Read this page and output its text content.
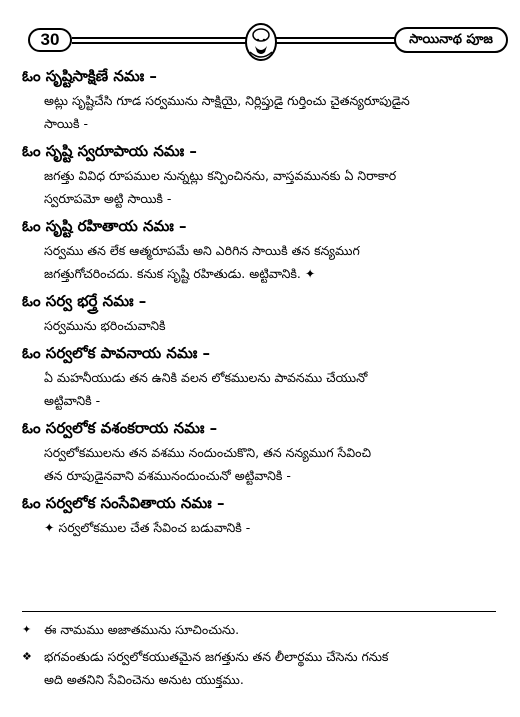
30	సాయినాథ పూజ
ఓం సృష్టిసాక్షిణే నమః –
అట్లు సృష్టిచేసి గూడ సర్వమును సాక్షియై, నిర్లిప్తుడై గుర్తించు చైతన్యరూపుడైన
సాయికి -
ఓం సృష్టి స్వరూపాయ నమః –
జగత్తు వివిధ రూపముల నున్నట్లు కన్పించినను, వాస్తవమునకు ఏ నిరాకార
స్వరూపమో అట్టి సాయికి -
ఓం సృష్టి రహితాయ నమః –
సర్వము తన లేక ఆత్మరూపమే అని ఎరిగిన సాయికి తన కన్యముగ
జగత్తుగోచరించదు. కనుక సృష్టి రహితుడు. అట్టివానికి. ✦
ఓం సర్వ భర్త్రే నమః –
సర్వమును భరించువానికి
ఓం సర్వలోక పావనాయ నమః –
ఏ మహనీయుడు తన ఉనికి వలన లోకములను పావనము చేయునో
అట్టివానికి -
ఓం సర్వలోక వశంకరాయ నమః –
సర్వలోకములను తన వశము నందుంచుకొని, తన నన్యముగ సేవించి
తన రూపుడైనవాని వశమునందుంచునో అట్టివానికి -
ఓం సర్వలోక సంసేవితాయ నమః –
✦ సర్వలోకముల చేత సేవించ బడువానికి -
✦	ఈ నామము అజాతమును సూచించును.
❖ భగవంతుడు సర్వలోకయుతమైన జగత్తును తన లీలార్థము చేసెను గనుక
అది అతనిని సేవించెను అనుట యుక్తము.
